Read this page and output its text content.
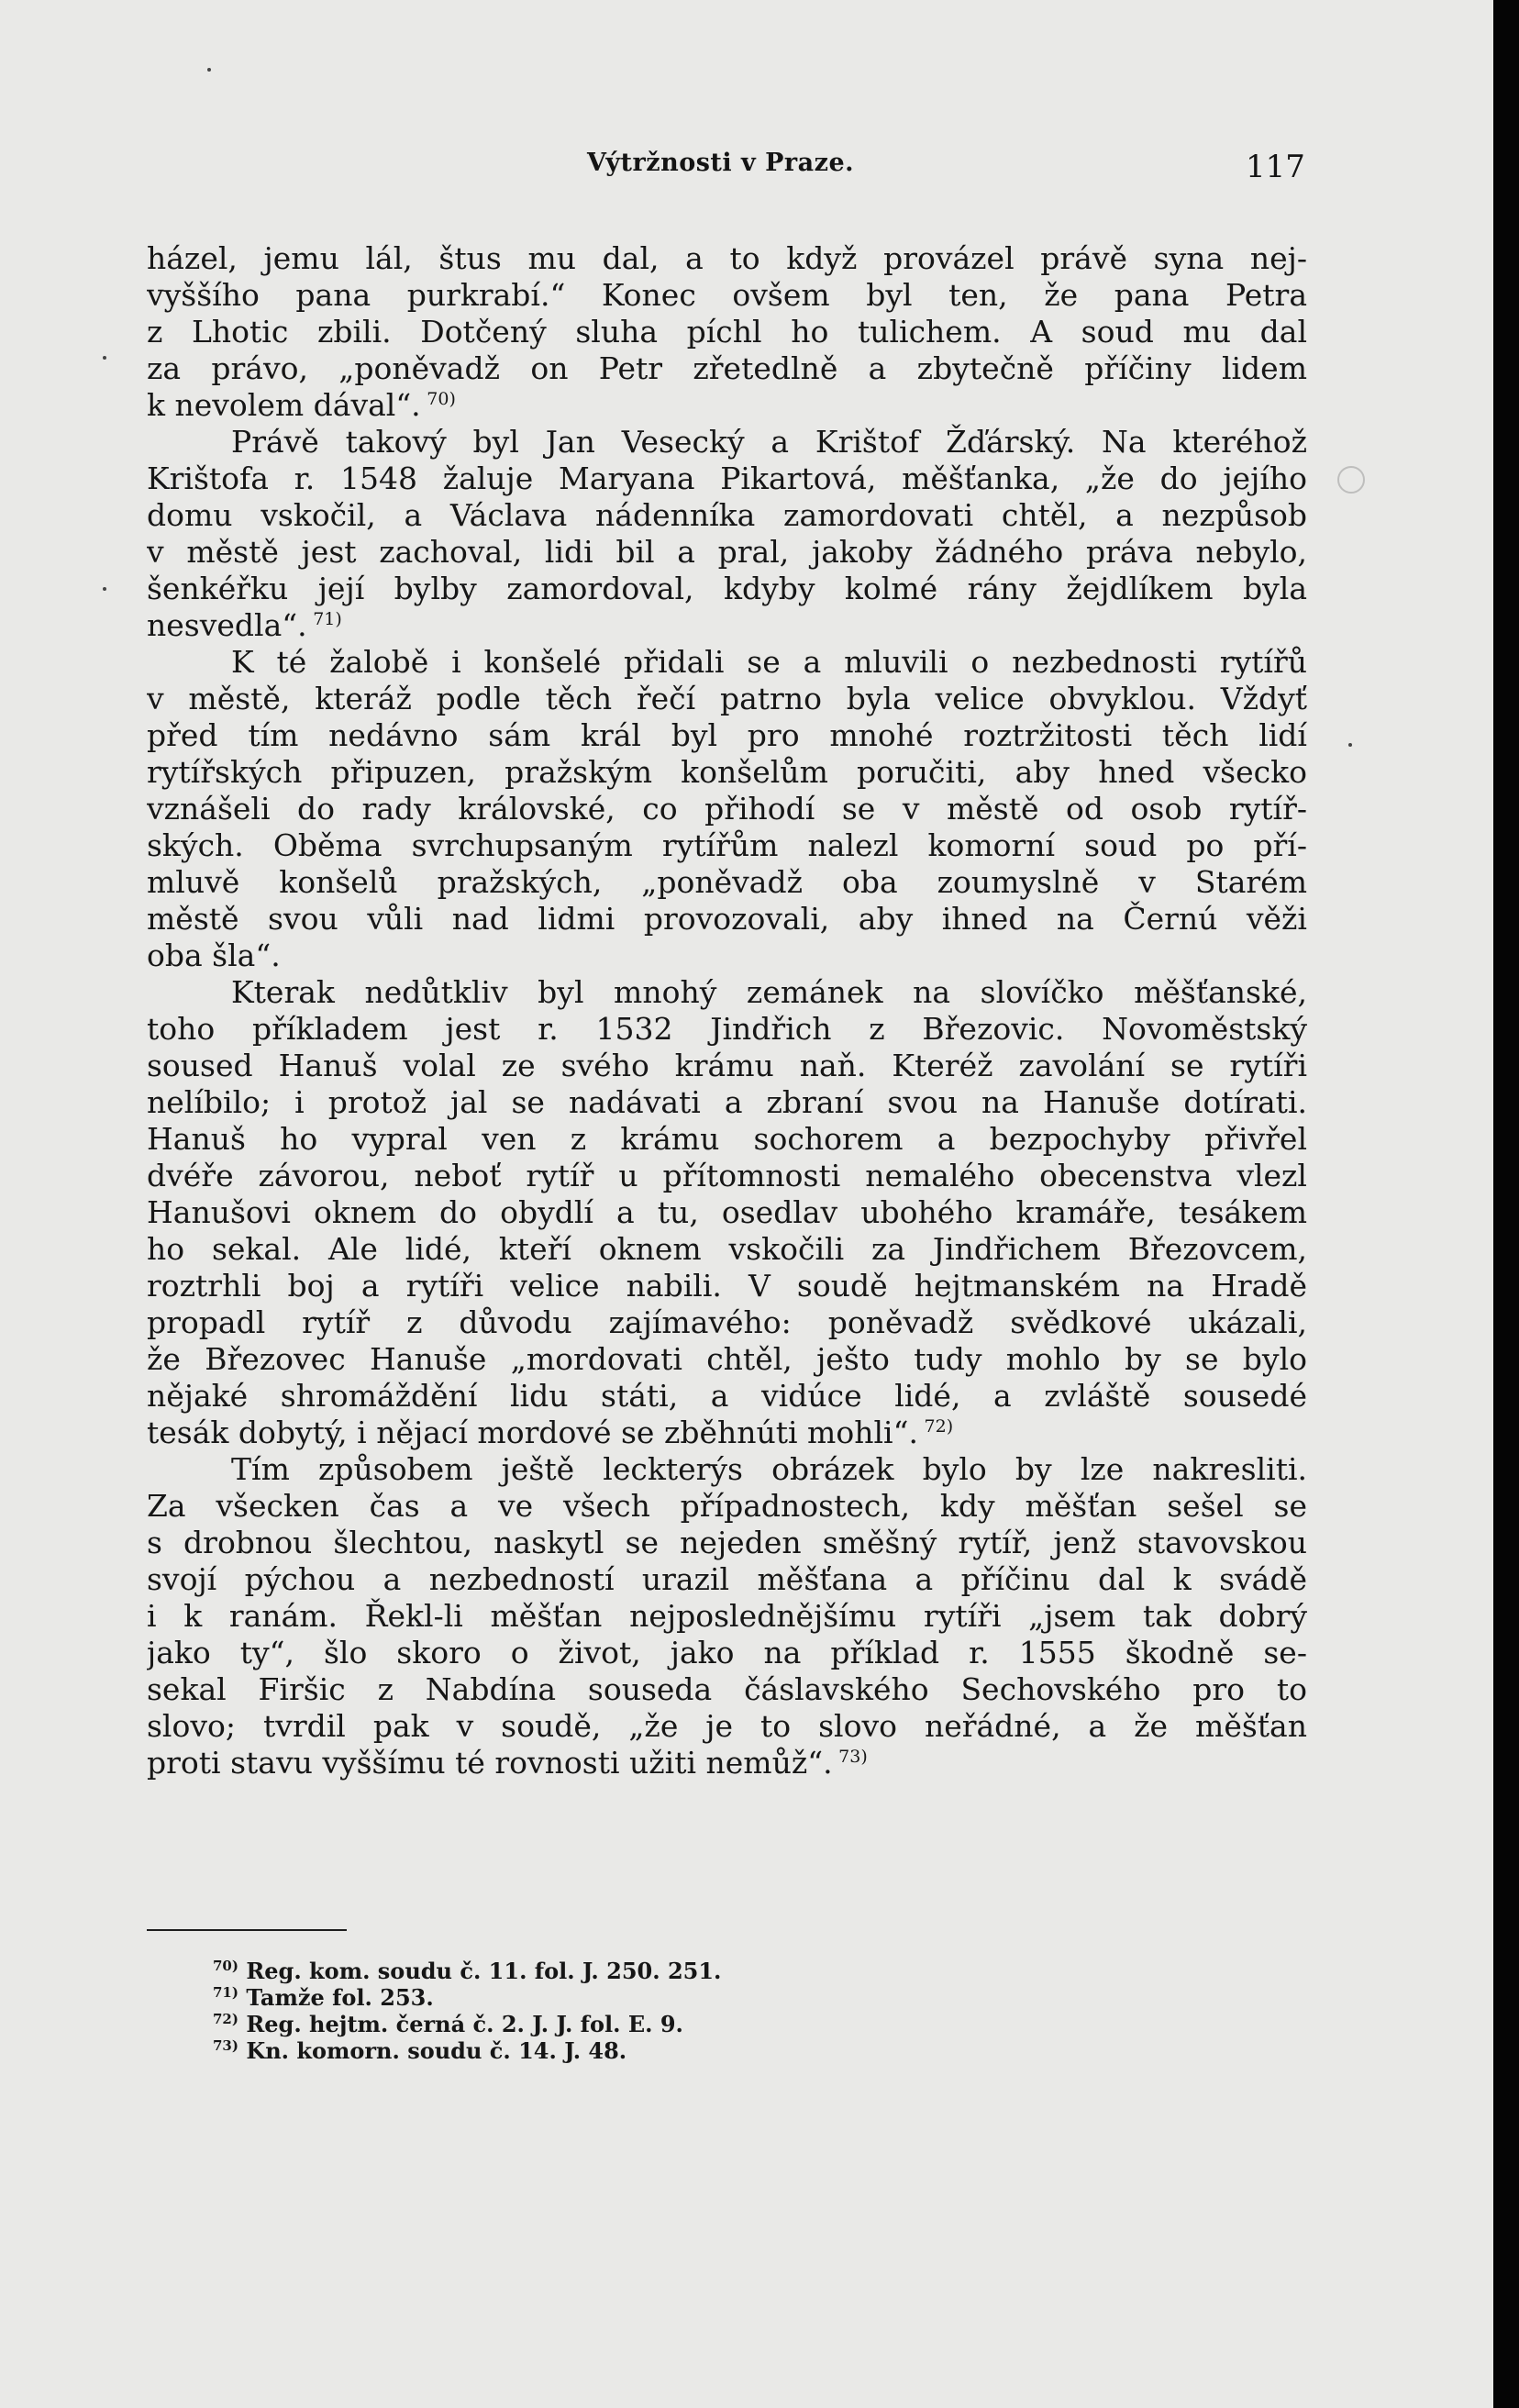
Výtržnosti v Praze.	117
házel, jemu lál, štus mu dal, a to když provázel právě syna nej-
vyššího pana purkrabí.“ Konec ovšem byl ten, že pana Petra
z Lhotic zbili. Dotčený sluha píchl ho tulichem. A soud mu dal
za právo, „poněvadž on Petr zřetedlně a zbytečně příčiny lidem
k nevolem dával“.  $^{70)}$
Právě takový byl Jan Vesecký a Krištof Žďárský. Na kteréhož
Krištofa r. 1548 žaluje Maryana Pikartová, měšťanka, „že do jejího
domu vskočil, a Václava nádenníka zamordovati chtěl, a nezpůsob
v městě jest zachoval, lidi bil a pral, jakoby žádného práva nebylo,
šenkéřku její bylby zamordoval, kdyby kolmé rány žejdlíkem byla
nesvedla“.  $^{71)}$
K té žalobě i konšelé přidali se a mluvili o nezbednosti rytířů
v městě, kteráž podle těch řečí patrno byla velice obvyklou. Vždyť
před tím nedávno sám král byl pro mnohé roztržitosti těch lidí
rytířských připuzen, pražským konšelům poručiti, aby hned všecko
vznášeli do rady královské, co přihodí se v městě od osob rytíř-
ských. Oběma svrchupsaným rytířům nalezl komorní soud po pří-
mluvě konšelů pražských, „poněvadž oba zoumyslně v Starém
městě svou vůli nad lidmi provozovali, aby ihned na Černú věži
oba šla“.
Kterak nedůtkliv byl mnohý zemánek na slovíčko měšťanské,
toho příkladem jest r. 1532 Jindřich z Březovic. Novoměstský
soused Hanuš volal ze svého krámu naň. Kteréž zavolání se rytíři
nelíbilo; i protož jal se nadávati a zbraní svou na Hanuše dotírati.
Hanuš ho vypral ven z krámu sochorem a bezpochyby přivřel
dvéře závorou, neboť rytíř u přítomnosti nemalého obecenstva vlezl
Hanušovi oknem do obydlí a tu, osedlav ubohého kramáře, tesákem
ho sekal. Ale lidé, kteří oknem vskočili za Jindřichem Březovcem,
roztrhli boj a rytíři velice nabili. V soudě hejtmanském na Hradě
propadl rytíř z důvodu zajímavého: poněvadž svědkové ukázali,
že Březovec Hanuše „mordovati chtěl, ješto tudy mohlo by se bylo
nějaké shromáždění lidu státi, a vidúce lidé, a zvláště sousedé
tesák dobytý, i nějací mordové se zběhnúti mohli“.  $^{72)}$
Tím způsobem ještě leckterýs obrázek bylo by lze nakresliti.
Za všecken čas a ve všech případnostech, kdy měšťan sešel se
s drobnou šlechtou, naskytl se nejeden směšný rytíř, jenž stavovskou
svojí pýchou a nezbedností urazil měšťana a příčinu dal k svádě
i k ranám. Řekl-li měšťan nejposlednějšímu rytíři „jsem tak dobrý
jako ty“, šlo skoro o život, jako na příklad r. 1555 škodně se-
sekal Firšic z Nabdína souseda čáslavského Sechovského pro to
slovo; tvrdil pak v soudě, „že je to slovo neřádné, a že měšťan
proti stavu vyššímu té rovnosti užiti nemůž“.  $^{73)}$
$^{70)}$ Reg. kom. soudu č. 11. fol. J. 250. 251.
$^{71)}$ Tamže fol. 253.
$^{72)}$ Reg. hejtm. černá č. 2. J. J. fol. E. 9.
$^{73)}$ Kn. komorn. soudu č. 14. J. 48.
